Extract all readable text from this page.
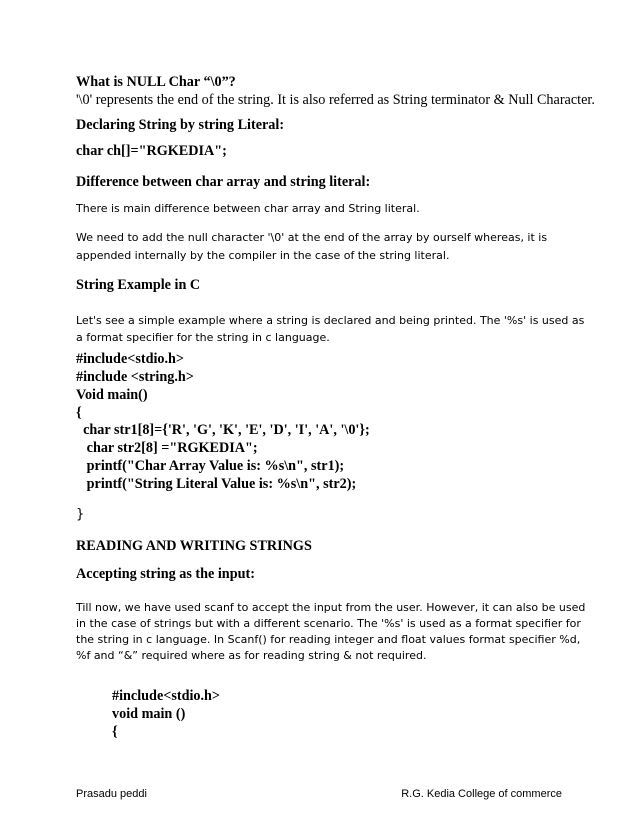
What is NULL Char “\0”?

'\0' represents the end of the string. It is also referred as String terminator & Null Character.

Declaring String by string Literal:

char ch[]="RGKEDIA";

Difference between char array and string literal:

There is main difference between char array and String literal.

We need to add the null character '\0' at the end of the array by ourself whereas, it is

appended internally by the compiler in the case of the string literal.

String Example in C

Let's see a simple example where a string is declared and being printed. The '%s' is used as

a format specifier for the string in c language.

#include<stdio.h>

#include <string.h>

Void main()

{

char str1[8]={'R', 'G', 'K', 'E', 'D', 'I', 'A', '\0'};

char str2[8] ="RGKEDIA";

printf("Char Array Value is: %s\n", str1);

printf("String Literal Value is: %s\n", str2);

}

READING AND WRITING STRINGS

Accepting string as the input:

Till now, we have used scanf to accept the input from the user. However, it can also be used

in the case of strings but with a different scenario. The '%s' is used as a format specifier for

the string in c language. In Scanf() for reading integer and float values format specifier %d,

%f and “&” required where as for reading string & not required.

#include<stdio.h>

void main ()

{

Prasadu peddi	R.G. Kedia College of commerce
